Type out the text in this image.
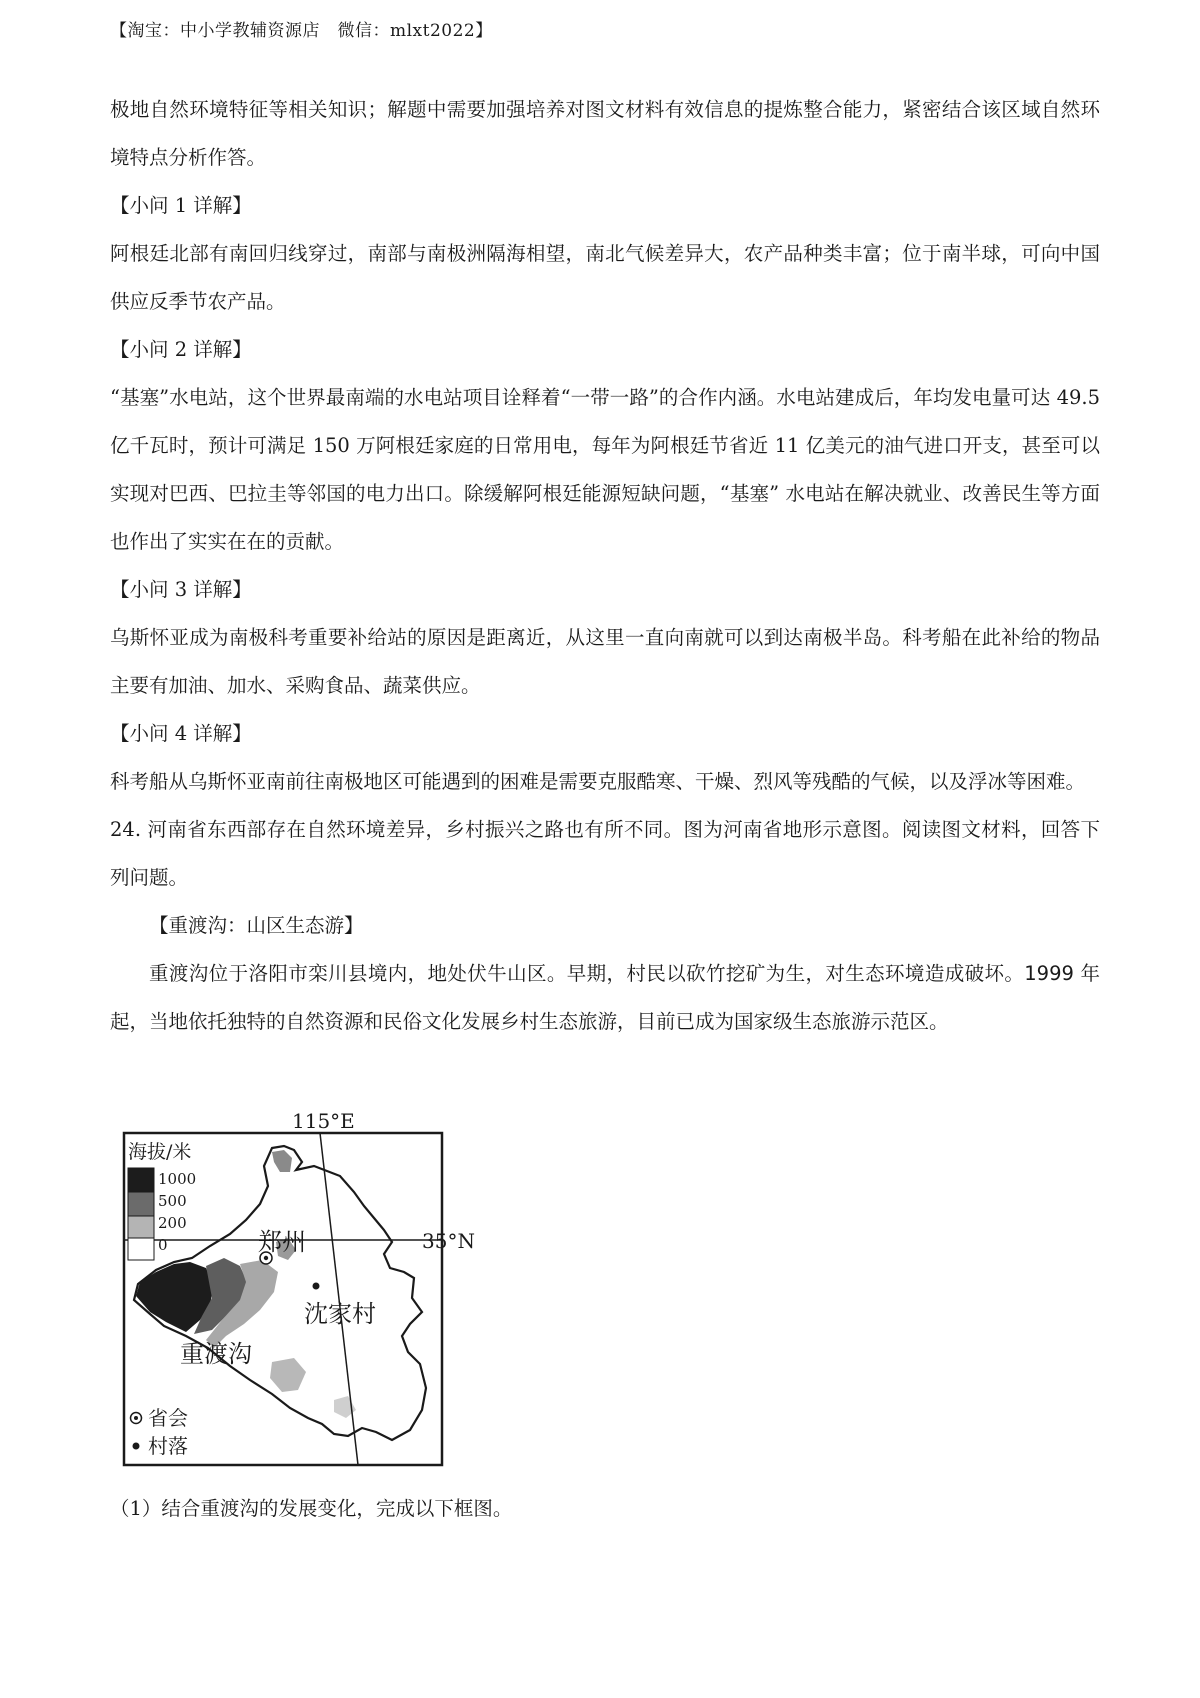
【淘宝：中小学教辅资源店　微信：mlxt2022】

极地自然环境特征等相关知识；解题中需要加强培养对图文材料有效信息的提炼整合能力，紧密结合该区域自然环境特点分析作答。

【小问 1 详解】

阿根廷北部有南回归线穿过，南部与南极洲隔海相望，南北气候差异大，农产品种类丰富；位于南半球，可向中国供应反季节农产品。

【小问 2 详解】

“基塞”水电站，这个世界最南端的水电站项目诠释着“一带一路”的合作内涵。水电站建成后，年均发电量可达 49.5 亿千瓦时，预计可满足 150 万阿根廷家庭的日常用电，每年为阿根廷节省近 11 亿美元的油气进口开支，甚至可以实现对巴西、巴拉圭等邻国的电力出口。除缓解阿根廷能源短缺问题，“基塞” 水电站在解决就业、改善民生等方面也作出了实实在在的贡献。

【小问 3 详解】

乌斯怀亚成为南极科考重要补给站的原因是距离近，从这里一直向南就可以到达南极半岛。科考船在此补给的物品主要有加油、加水、采购食品、蔬菜供应。

【小问 4 详解】

科考船从乌斯怀亚南前往南极地区可能遇到的困难是需要克服酷寒、干燥、烈风等残酷的气候，以及浮冰等困难。

24. 河南省东西部存在自然环境差异，乡村振兴之路也有所不同。图为河南省地形示意图。阅读图文材料，回答下列问题。

【重渡沟：山区生态游】

重渡沟位于洛阳市栾川县境内，地处伏牛山区。早期，村民以砍竹挖矿为生，对生态环境造成破坏。1999 年起，当地依托独特的自然资源和民俗文化发展乡村生态旅游，目前已成为国家级生态旅游示范区。

115°E
35°N
海拔/米
1000
500
200
0	郑州
沈家村
重渡沟
省会
村落

（1）结合重渡沟的发展变化，完成以下框图。
